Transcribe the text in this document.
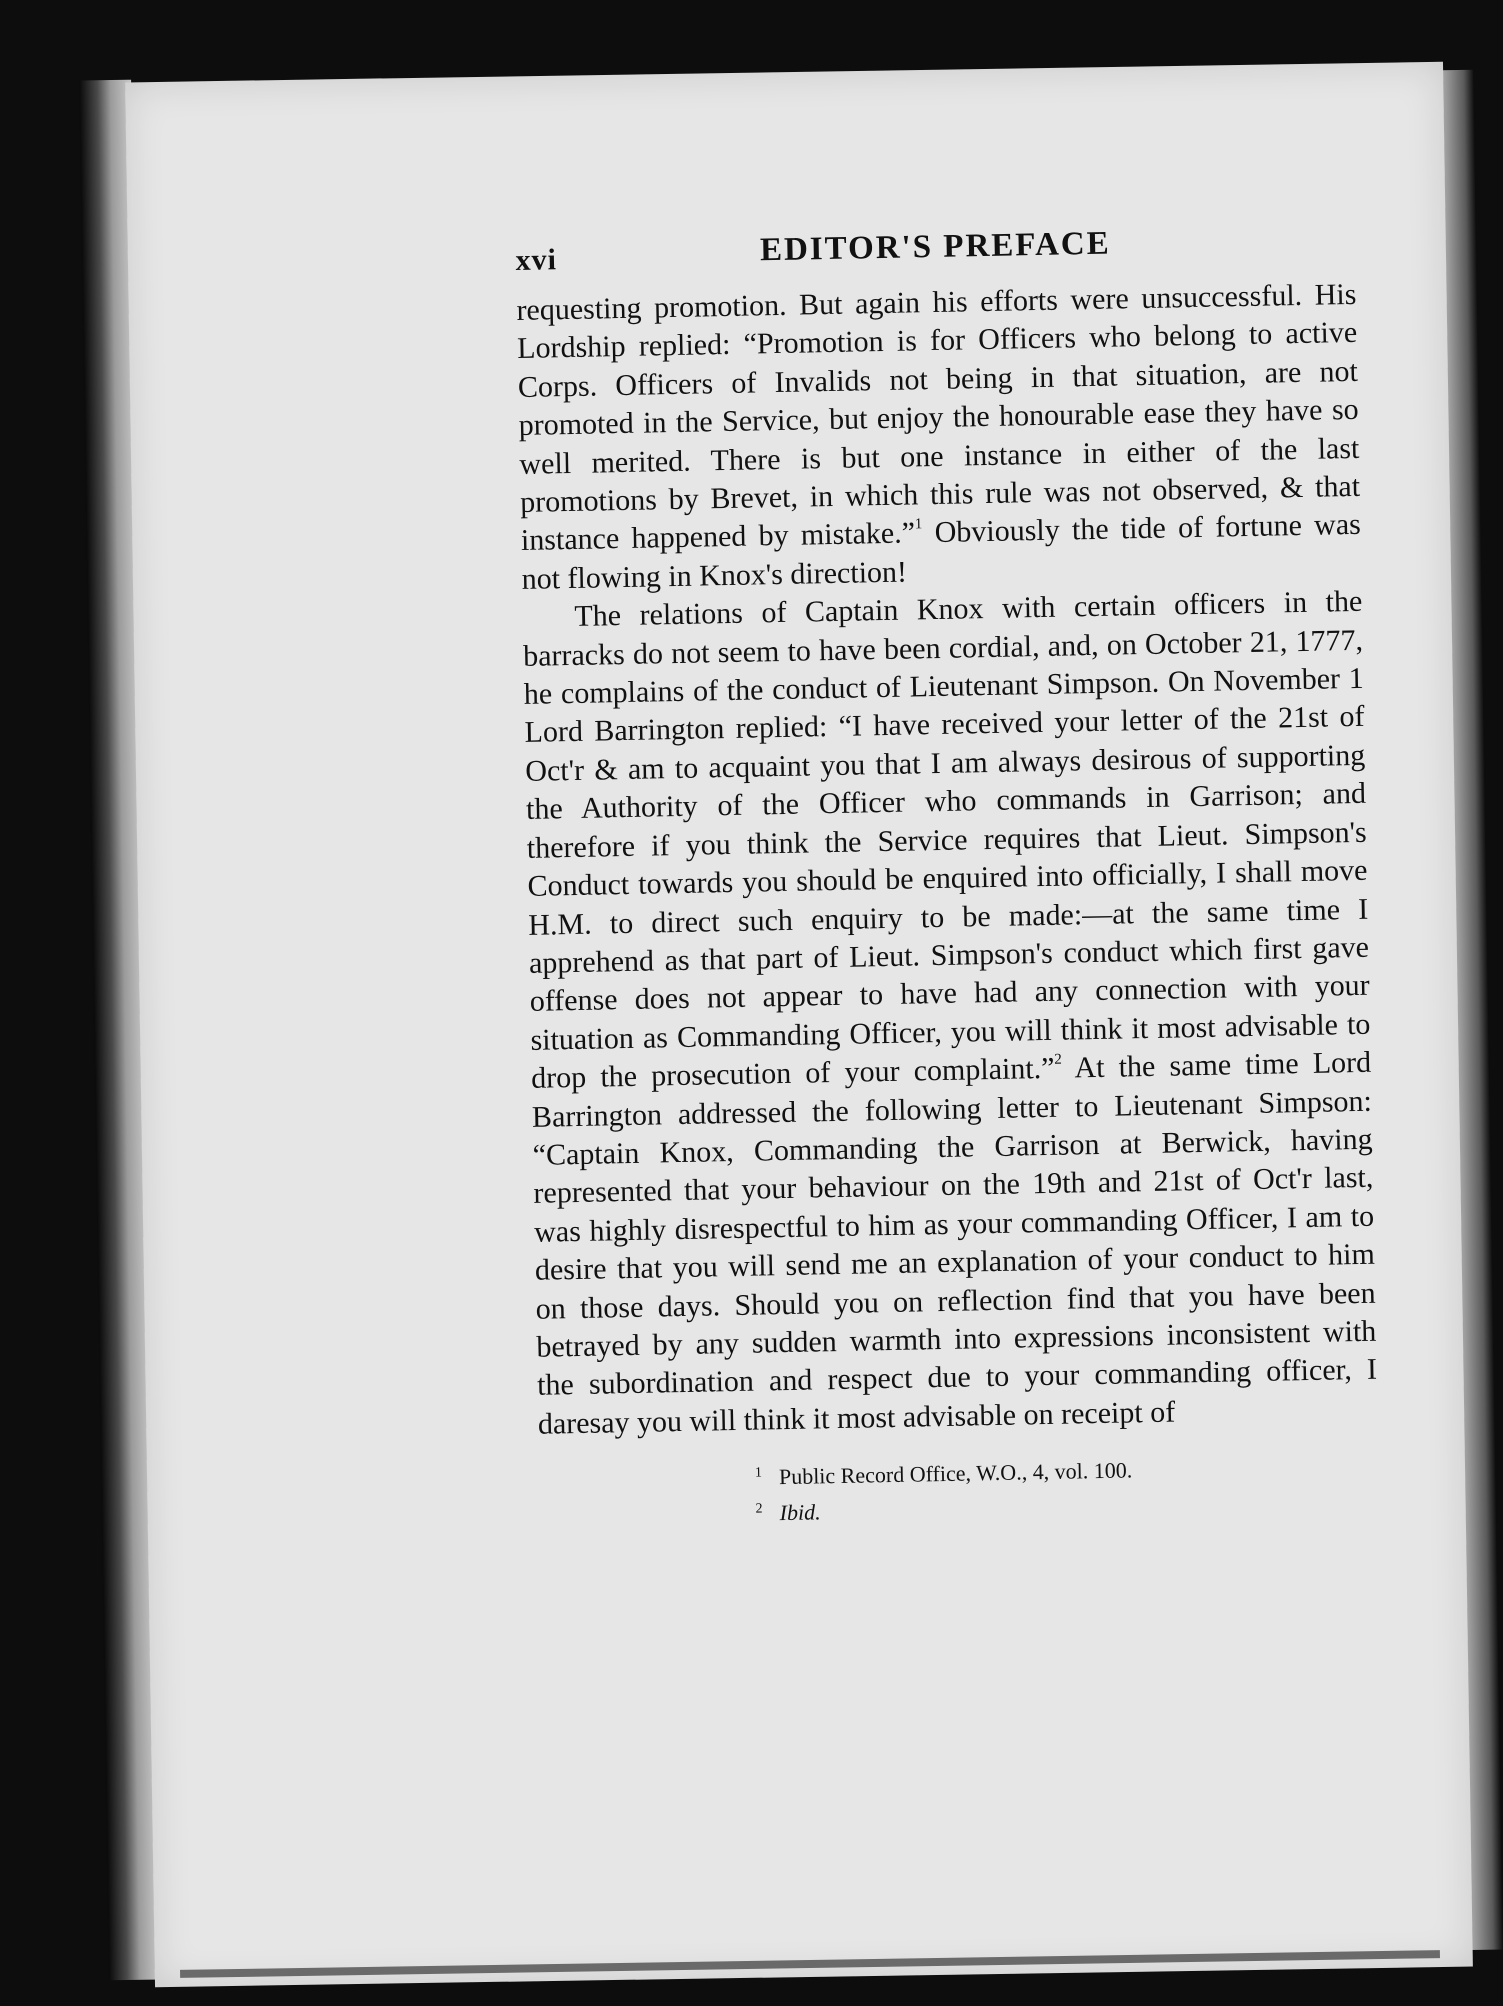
xvi	EDITOR'S PREFACE

requesting promotion. But again his efforts were unsuccessful. His Lordship replied: “Promotion is for Officers who belong to active Corps. Officers of Invalids not being in that situation, are not promoted in the Service, but enjoy the honourable ease they have so well merited. There is but one instance in either of the last promotions by Brevet, in which this rule was not observed, & that instance happened by mistake.”$^1$ Obviously the tide of fortune was not flowing in Knox's direction!

The relations of Captain Knox with certain officers in the barracks do not seem to have been cordial, and, on October 21, 1777, he complains of the conduct of Lieutenant Simpson. On November 1 Lord Barrington replied: “I have received your letter of the 21st of Oct'r & am to acquaint you that I am always desirous of supporting the Authority of the Officer who commands in Garrison; and therefore if you think the Service requires that Lieut. Simpson's Conduct towards you should be enquired into officially, I shall move H.M. to direct such enquiry to be made:—at the same time I apprehend as that part of Lieut. Simpson's conduct which first gave offense does not appear to have had any connection with your situation as Commanding Officer, you will think it most advisable to drop the prosecution of your complaint.”$^2$ At the same time Lord Barrington addressed the following letter to Lieutenant Simpson: “Captain Knox, Commanding the Garrison at Berwick, having represented that your behaviour on the 19th and 21st of Oct'r last, was highly disrespectful to him as your commanding Officer, I am to desire that you will send me an explanation of your conduct to him on those days. Should you on reflection find that you have been betrayed by any sudden warmth into expressions inconsistent with the subordination and respect due to your commanding officer, I daresay you will think it most advisable on receipt of

1 Public Record Office, W.O., 4, vol. 100.
2 Ibid.
